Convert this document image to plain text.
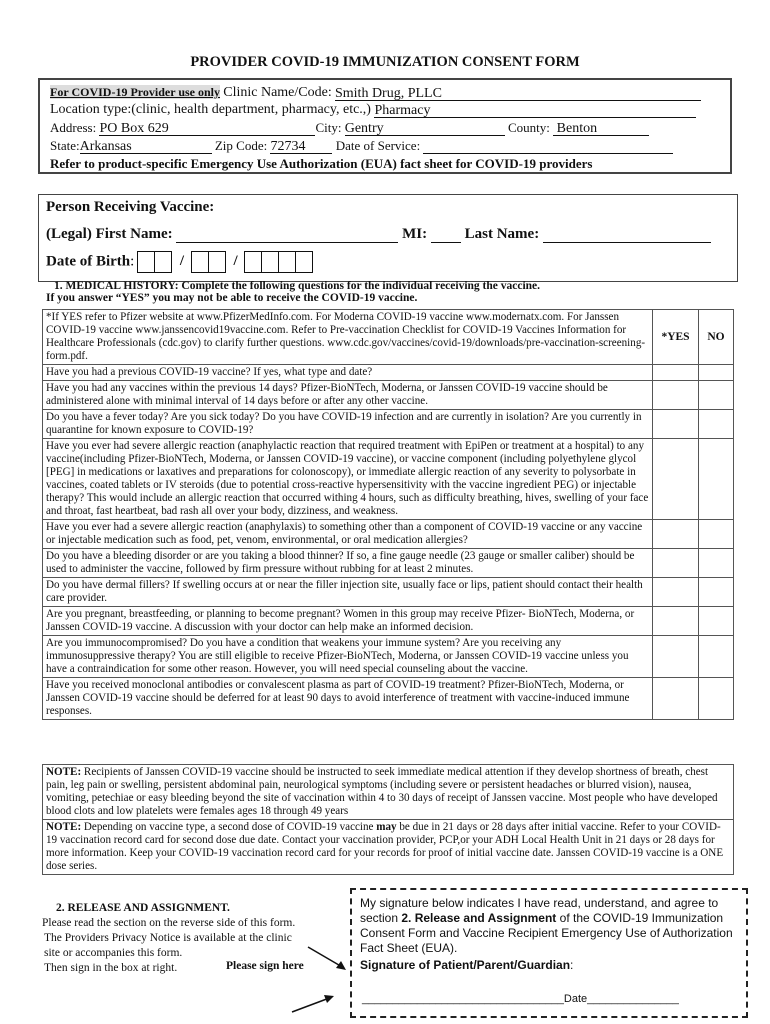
PROVIDER COVID-19 IMMUNIZATION CONSENT FORM
For COVID-19 Provider use only Clinic Name/Code: Smith Drug, PLLC
Location type:(clinic, health department, pharmacy, etc.,) Pharmacy
Address: PO Box 629	City: Gentry	County: Benton
State:Arkansas	Zip Code: 72734 Date of Service:
Refer to product-specific Emergency Use Authorization (EUA) fact sheet for COVID-19 providers
Person Receiving Vaccine:
(Legal) First Name:	MI:	Last Name:
Date of Birth:	/	/
1. MEDICAL HISTORY: Complete the following questions for the individual receiving the vaccine.
If you answer “YES” you may not be able to receive the COVID-19 vaccine.
*If YES refer to Pfizer website at www.PfizerMedInfo.com. For Moderna COVID-19 vaccine www.modernatx.com. For Janssen COVID-19 vaccine www.janssencovid19vaccine.com. Refer to Pre-vaccination Checklist for COVID-19 Vaccines Information for Healthcare Professionals (cdc.gov) to clarify further questions. www.cdc.gov/vaccines/covid-19/downloads/pre-vaccination-screening-form.pdf.	*YES	NO
Have you had a previous COVID-19 vaccine? If yes, what type and date?		
Have you had any vaccines within the previous 14 days? Pfizer-BioNTech, Moderna, or Janssen COVID-19 vaccine should be administered alone with minimal interval of 14 days before or after any other vaccine.		
Do you have a fever today? Are you sick today? Do you have COVID-19 infection and are currently in isolation? Are you currently in quarantine for known exposure to COVID-19?		
Have you ever had severe allergic reaction (anaphylactic reaction that required treatment with EpiPen or treatment at a hospital) to any vaccine(including Pfizer-BioNTech, Moderna, or Janssen COVID-19 vaccine), or vaccine component (including polyethylene glycol [PEG] in medications or laxatives and preparations for colonoscopy), or immediate allergic reaction of any severity to polysorbate in vaccines, coated tablets or IV steroids (due to potential cross-reactive hypersensitivity with the vaccine ingredient PEG) or injectable therapy? This would include an allergic reaction that occurred withing 4 hours, such as difficulty breathing, hives, swelling of your face and throat, fast heartbeat, bad rash all over your body, dizziness, and weakness.		
Have you ever had a severe allergic reaction (anaphylaxis) to something other than a component of COVID-19 vaccine or any vaccine or injectable medication such as food, pet, venom, environmental, or oral medication allergies?		
Do you have a bleeding disorder or are you taking a blood thinner? If so, a fine gauge needle (23 gauge or smaller caliber) should be used to administer the vaccine, followed by firm pressure without rubbing for at least 2 minutes.		
Do you have dermal fillers? If swelling occurs at or near the filler injection site, usually face or lips, patient should contact their health care provider.		
Are you pregnant, breastfeeding, or planning to become pregnant? Women in this group may receive Pfizer- BioNTech, Moderna, or Janssen COVID-19 vaccine. A discussion with your doctor can help make an informed decision.		
Are you immunocompromised? Do you have a condition that weakens your immune system? Are you receiving any immunosuppressive therapy? You are still eligible to receive Pfizer-BioNTech, Moderna, or Janssen COVID-19 vaccine unless you have a contraindication for some other reason. However, you will need special counseling about the vaccine.		
Have you received monoclonal antibodies or convalescent plasma as part of COVID-19 treatment? Pfizer-BioNTech, Moderna, or Janssen COVID-19 vaccine should be deferred for at least 90 days to avoid interference of treatment with vaccine-induced immune responses.		
NOTE: Recipients of Janssen COVID-19 vaccine should be instructed to seek immediate medical attention if they develop shortness of breath, chest pain, leg pain or swelling, persistent abdominal pain, neurological symptoms (including severe or persistent headaches or blurred vision), nausea, vomiting, petechiae or easy bleeding beyond the site of vaccination within 4 to 30 days of receipt of Janssen vaccine. Most people who have developed blood clots and low platelets were females ages 18 through 49 years
NOTE: Depending on vaccine type, a second dose of COVID-19 vaccine may be due in 21 days or 28 days after initial vaccine. Refer to your COVID-19 vaccination record card for second dose due date. Contact your vaccination provider, PCP,or your ADH Local Health Unit in 21 days or 28 days for more information. Keep your COVID-19 vaccination record card for your records for proof of initial vaccine date. Janssen COVID-19 vaccine is a ONE dose series.
2. RELEASE AND ASSIGNMENT.
Please read the section on the reverse side of this form.
The Providers Privacy Notice is available at the clinic
site or accompanies this form.
Then sign in the box at right.	Please sign here
My signature below indicates I have read, understand, and agree to section 2. Release and Assignment of the COVID-19 Immunization Consent Form and Vaccine Recipient Emergency Use of Authorization Fact Sheet (EUA).
Signature of Patient/Parent/Guardian:
_________________________________Date_______________
